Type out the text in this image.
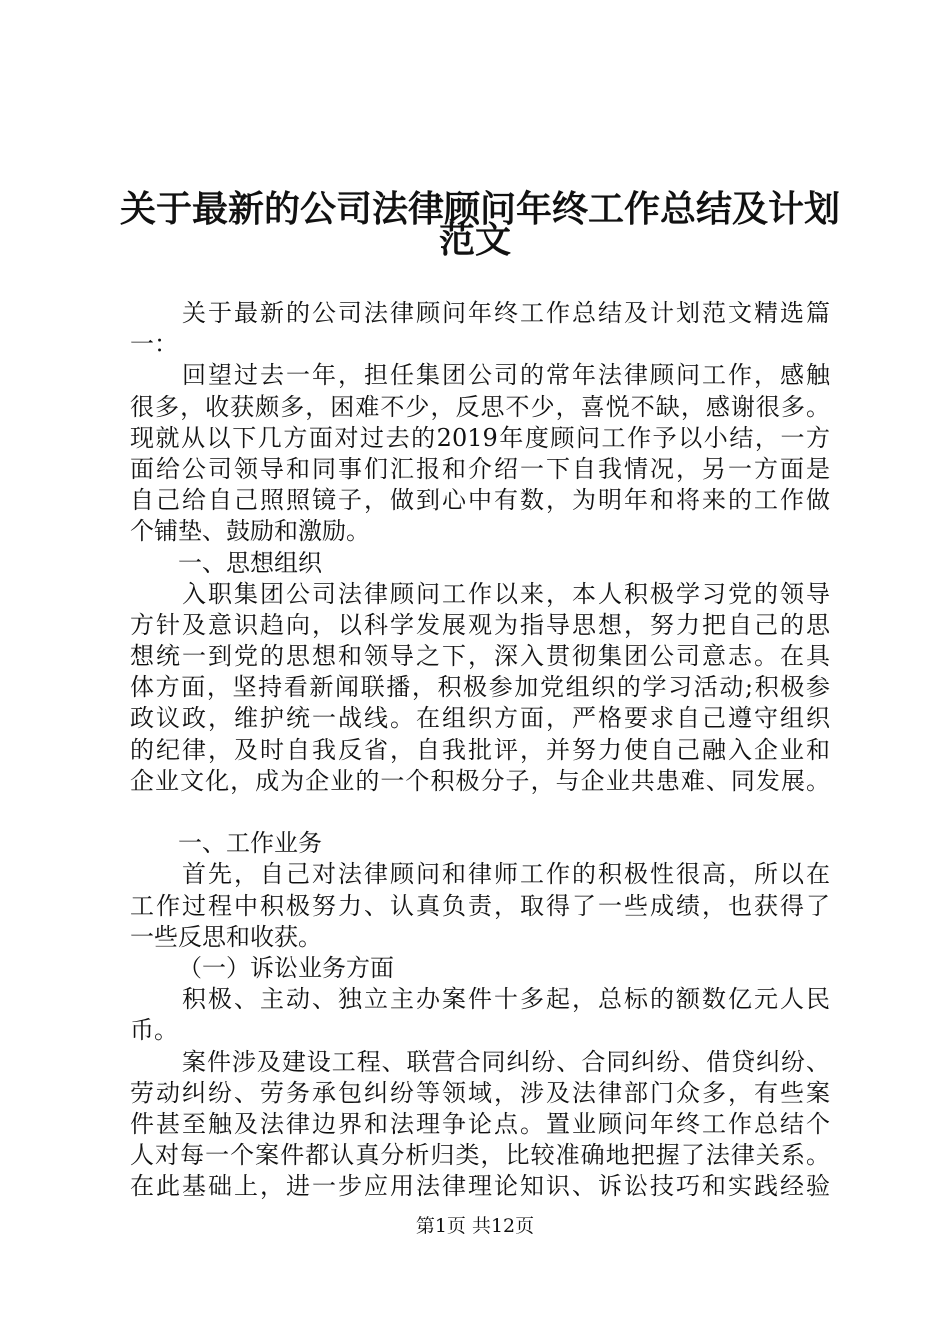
关于最新的公司法律顾问年终工作总结及计划
范文
关于最新的公司法律顾问年终工作总结及计划范文精选篇
一：
回望过去一年，担任集团公司的常年法律顾问工作，感触
很多，收获颇多，困难不少，反思不少，喜悦不缺，感谢很多。
现就从以下几方面对过去的2019年度顾问工作予以小结，一方
面给公司领导和同事们汇报和介绍一下自我情况，另一方面是
自己给自己照照镜子，做到心中有数，为明年和将来的工作做
个铺垫、鼓励和激励。
一、思想组织
入职集团公司法律顾问工作以来，本人积极学习党的领导
方针及意识趋向，以科学发展观为指导思想，努力把自己的思
想统一到党的思想和领导之下，深入贯彻集团公司意志。在具
体方面，坚持看新闻联播，积极参加党组织的学习活动;积极参
政议政，维护统一战线。在组织方面，严格要求自己遵守组织
的纪律，及时自我反省，自我批评，并努力使自己融入企业和
企业文化，成为企业的一个积极分子，与企业共患难、同发展。
一、工作业务
首先，自己对法律顾问和律师工作的积极性很高，所以在
工作过程中积极努力、认真负责，取得了一些成绩，也获得了
一些反思和收获。
（一）诉讼业务方面
积极、主动、独立主办案件十多起，总标的额数亿元人民
币。
案件涉及建设工程、联营合同纠纷、合同纠纷、借贷纠纷、
劳动纠纷、劳务承包纠纷等领域，涉及法律部门众多，有些案
件甚至触及法律边界和法理争论点。置业顾问年终工作总结个
人对每一个案件都认真分析归类，比较准确地把握了法律关系。
在此基础上，进一步应用法律理论知识、诉讼技巧和实践经验
第1页 共12页
